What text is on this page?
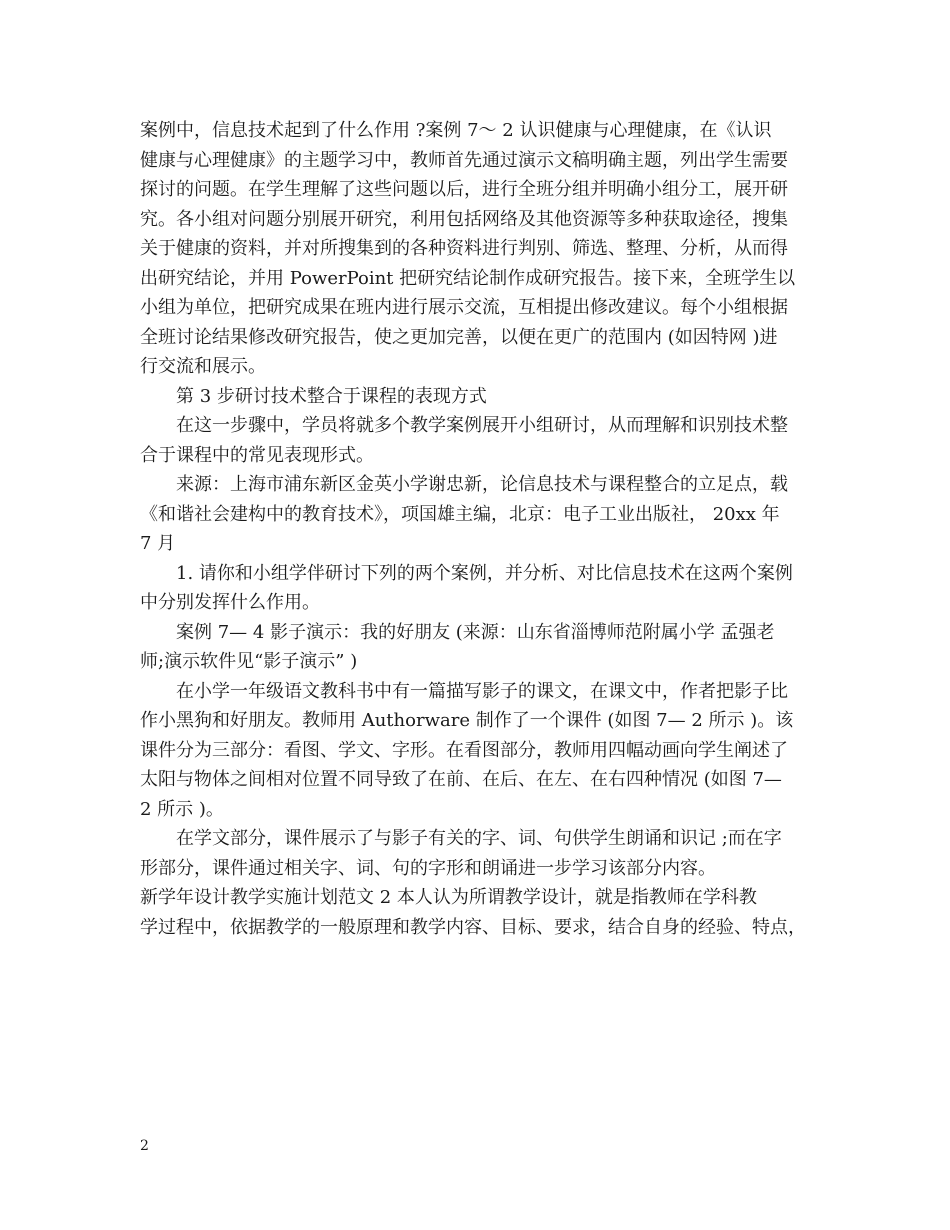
案例中，信息技术起到了什么作用 ?案例 7～ 2 认识健康与心理健康，在《认识
健康与心理健康》的主题学习中，教师首先通过演示文稿明确主题，列出学生需要
探讨的问题。在学生理解了这些问题以后，进行全班分组并明确小组分工，展开研
究。各小组对问题分别展开研究，利用包括网络及其他资源等多种获取途径，搜集
关于健康的资料，并对所搜集到的各种资料进行判别、筛选、整理、分析，从而得
出研究结论，并用 PowerPoint 把研究结论制作成研究报告。接下来，全班学生以
小组为单位，把研究成果在班内进行展示交流，互相提出修改建议。每个小组根据
全班讨论结果修改研究报告，使之更加完善，以便在更广的范围内 (如因特网 )进
行交流和展示。
第 3 步研讨技术整合于课程的表现方式
在这一步骤中，学员将就多个教学案例展开小组研讨，从而理解和识别技术整
合于课程中的常见表现形式。
来源：上海市浦东新区金英小学谢忠新，论信息技术与课程整合的立足点，载
《和谐社会建构中的教育技术》，项国雄主编，北京：电子工业出版社， 20xx 年
7 月
1. 请你和小组学伴研讨下列的两个案例，并分析、对比信息技术在这两个案例
中分别发挥什么作用。
案例 7— 4 影子演示：我的好朋友 (来源：山东省淄博师范附属小学 孟强老
师;演示软件见“影子演示” )
在小学一年级语文教科书中有一篇描写影子的课文，在课文中，作者把影子比
作小黑狗和好朋友。教师用 Authorware 制作了一个课件 (如图 7— 2 所示 )。该
课件分为三部分：看图、学文、字形。在看图部分，教师用四幅动画向学生阐述了
太阳与物体之间相对位置不同导致了在前、在后、在左、在右四种情况 (如图 7—
2 所示 )。
在学文部分，课件展示了与影子有关的字、词、句供学生朗诵和识记 ;而在字
形部分，课件通过相关字、词、句的字形和朗诵进一步学习该部分内容。
新学年设计教学实施计划范文 2 本人认为所谓教学设计，就是指教师在学科教
学过程中，依据教学的一般原理和教学内容、目标、要求，结合自身的经验、特点，
2
